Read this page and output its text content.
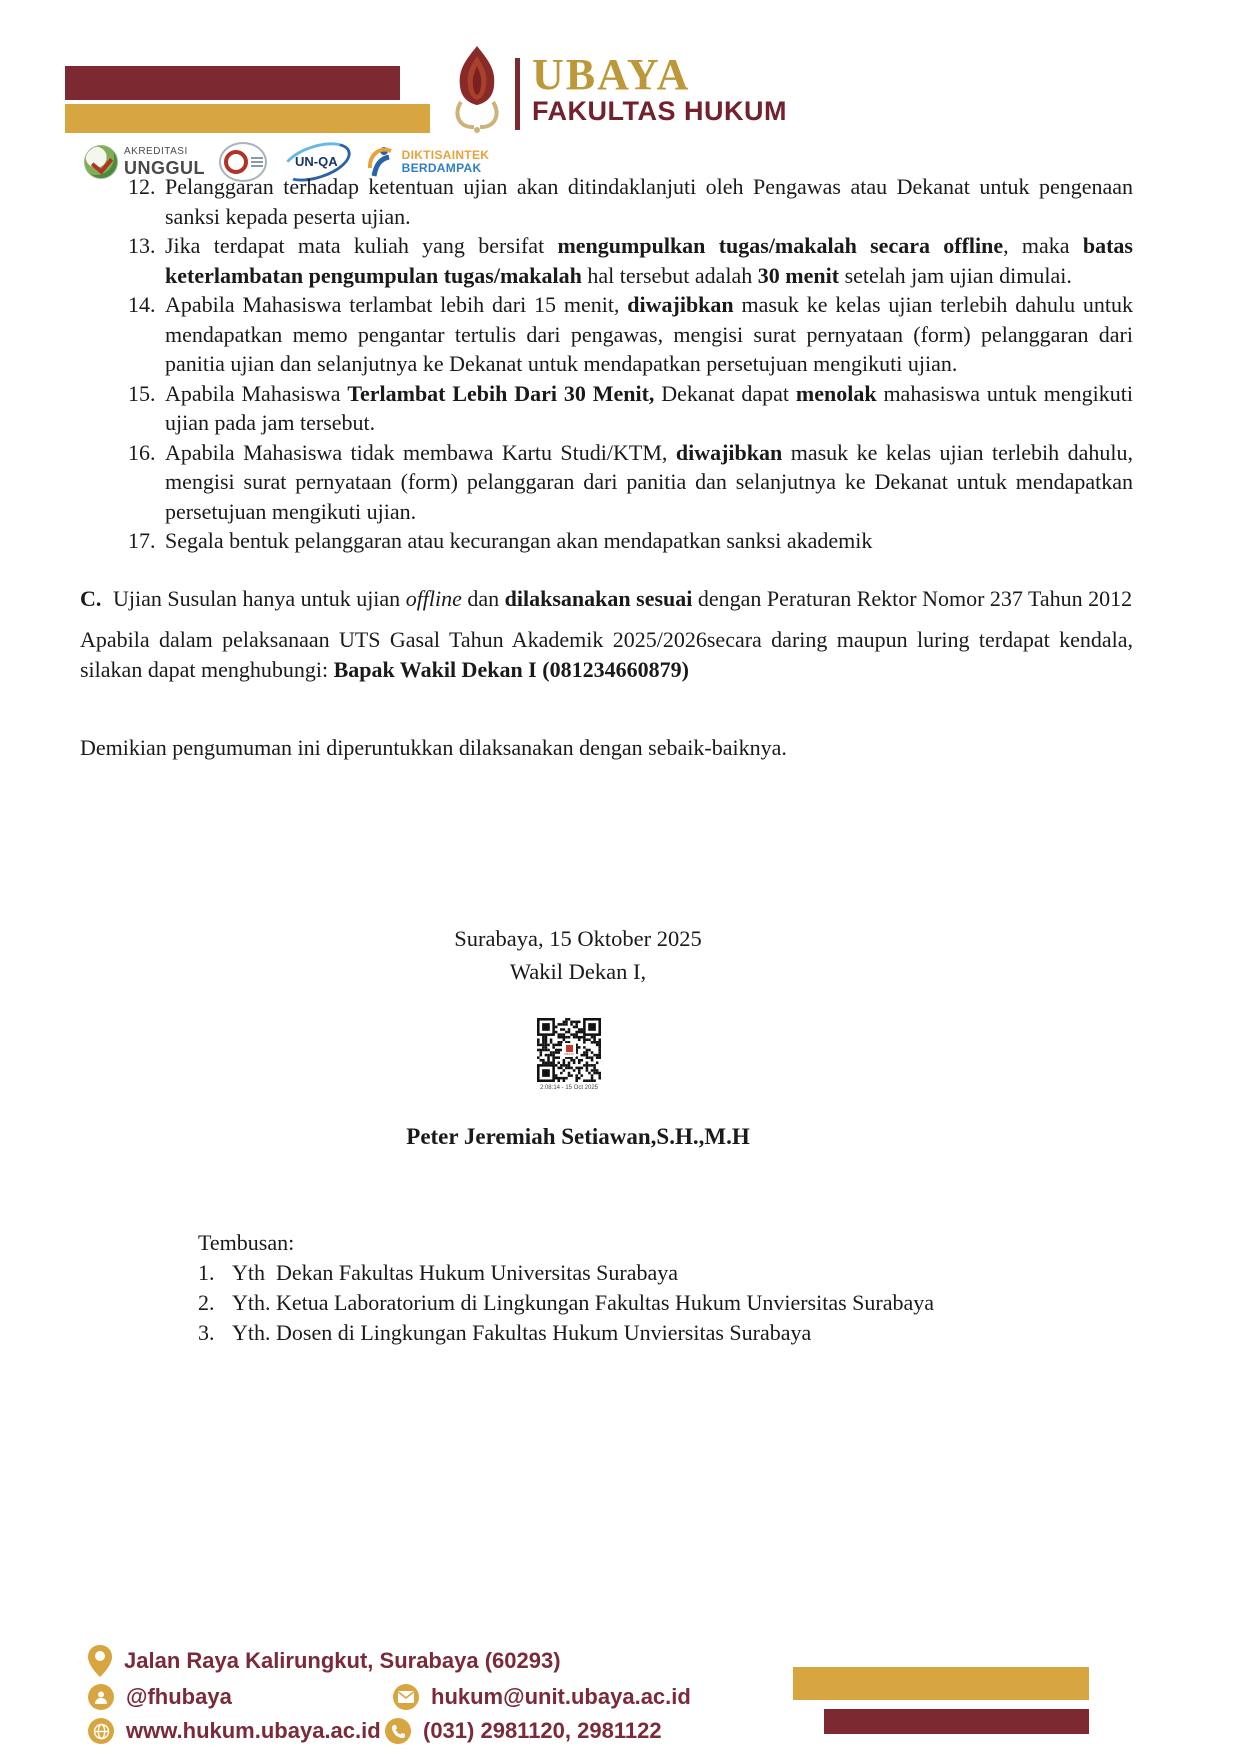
UBAYA
FAKULTAS HUKUM
AKREDITASI
UNGGUL	UN-QA	DIKTISAINTEK
BERDAMPAK
12. Pelanggaran terhadap ketentuan ujian akan ditindaklanjuti oleh Pengawas atau Dekanat untuk pengenaan sanksi kepada peserta ujian.
13. Jika terdapat mata kuliah yang bersifat mengumpulkan tugas/makalah secara offline, maka batas keterlambatan pengumpulan tugas/makalah hal tersebut adalah 30 menit setelah jam ujian dimulai.
14. Apabila Mahasiswa terlambat lebih dari 15 menit, diwajibkan masuk ke kelas ujian terlebih dahulu untuk mendapatkan memo pengantar tertulis dari pengawas, mengisi surat pernyataan (form) pelanggaran dari panitia ujian dan selanjutnya ke Dekanat untuk mendapatkan persetujuan mengikuti ujian.
15. Apabila Mahasiswa Terlambat Lebih Dari 30 Menit, Dekanat dapat menolak mahasiswa untuk mengikuti ujian pada jam tersebut.
16. Apabila Mahasiswa tidak membawa Kartu Studi/KTM, diwajibkan masuk ke kelas ujian terlebih dahulu, mengisi surat pernyataan (form) pelanggaran dari panitia dan selanjutnya ke Dekanat untuk mendapatkan persetujuan mengikuti ujian.
17. Segala bentuk pelanggaran atau kecurangan akan mendapatkan sanksi akademik
C. Ujian Susulan hanya untuk ujian offline dan dilaksanakan sesuai dengan Peraturan Rektor Nomor 237 Tahun 2012
Apabila dalam pelaksanaan UTS Gasal Tahun Akademik 2025/2026secara daring maupun luring terdapat kendala, silakan dapat menghubungi: Bapak Wakil Dekan I (081234660879)
Demikian pengumuman ini diperuntukkan dilaksanakan dengan sebaik-baiknya.
Surabaya, 15 Oktober 2025
Wakil Dekan I,
UBAYA
2:08:14 - 15 Oct 2025
Peter Jeremiah Setiawan,S.H.,M.H
Tembusan:
1. Yth  Dekan Fakultas Hukum Universitas Surabaya
2. Yth. Ketua Laboratorium di Lingkungan Fakultas Hukum Unviersitas Surabaya
3. Yth. Dosen di Lingkungan Fakultas Hukum Unviersitas Surabaya
Jalan Raya Kalirungkut, Surabaya (60293)
@fhubaya	hukum@unit.ubaya.ac.id
www.hukum.ubaya.ac.id (031) 2981120, 2981122
